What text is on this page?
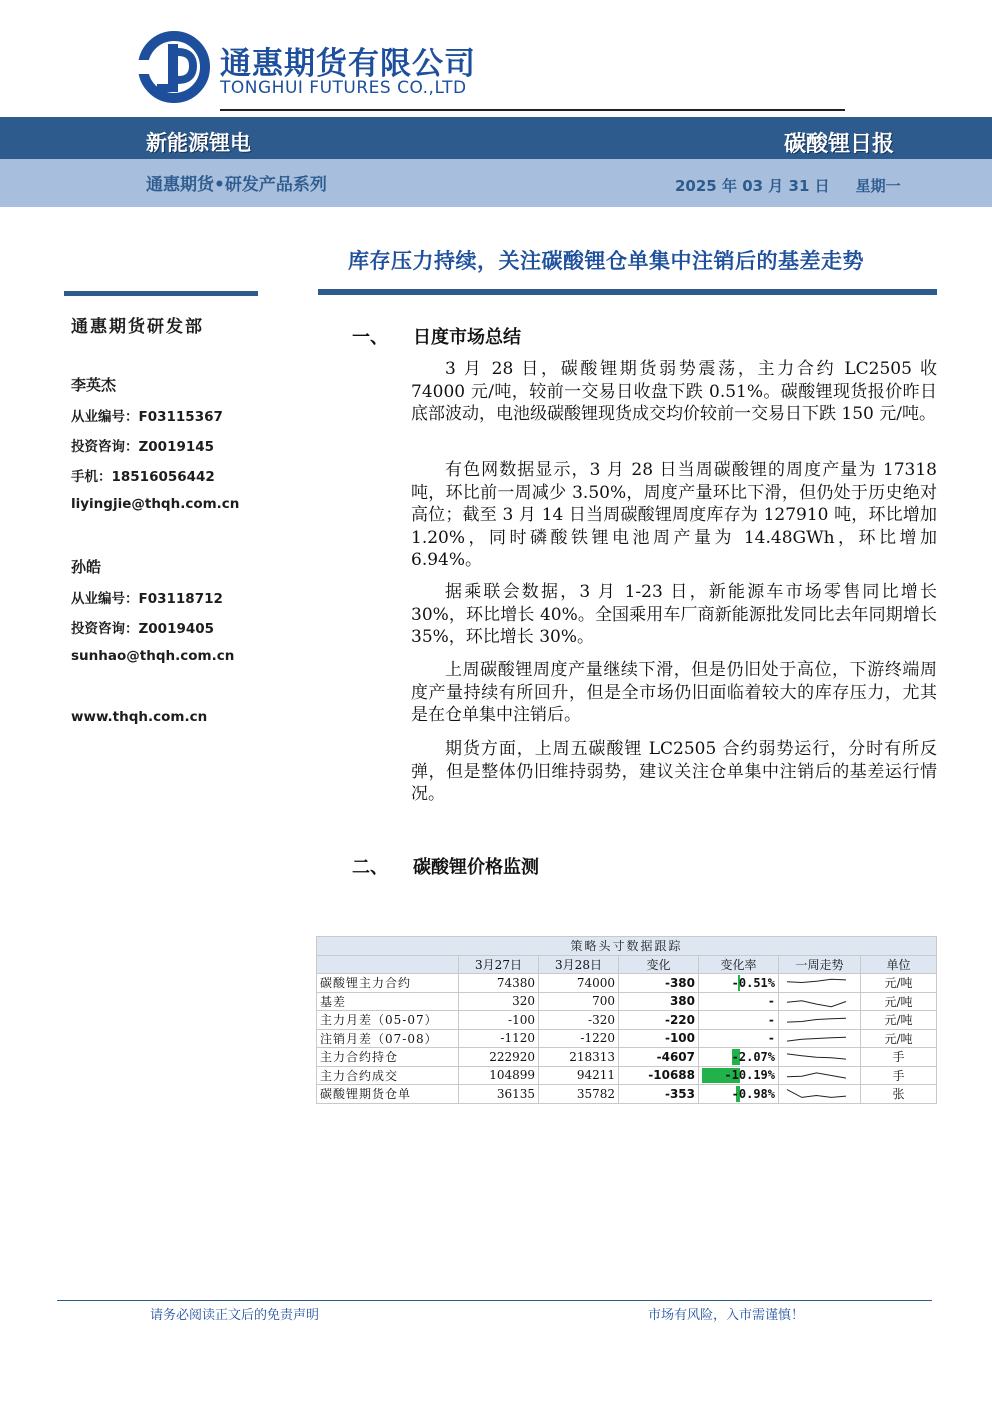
通惠期货有限公司
TONGHUI FUTURES CO.,LTD
新能源锂电	碳酸锂日报
通惠期货•研发产品系列	2025 年 03 月 31 日 星期一
库存压力持续，关注碳酸锂仓单集中注销后的基差走势
通惠期货研发部
李英杰
从业编号：F03115367
投资咨询：Z0019145
手机：18516056442
liyingjie@thqh.com.cn
孙皓
从业编号：F03118712
投资咨询：Z0019405
sunhao@thqh.com.cn
www.thqh.com.cn
一、 日度市场总结
3 月 28 日，碳酸锂期货弱势震荡，主力合约 LC2505 收 74000 元/吨，较前一交易日收盘下跌 0.51%。碳酸锂现货报价昨日底部波动，电池级碳酸锂现货成交均价较前一交易日下跌 150 元/吨。
有色网数据显示，3 月 28 日当周碳酸锂的周度产量为 17318 吨，环比前一周减少 3.50%，周度产量环比下滑，但仍处于历史绝对高位；截至 3 月 14 日当周碳酸锂周度库存为 127910 吨，环比增加 1.20%，同时磷酸铁锂电池周产量为 14.48GWh，环比增加 6.94%。
据乘联会数据，3 月 1-23 日，新能源车市场零售同比增长 30%，环比增长 40%。全国乘用车厂商新能源批发同比去年同期增长 35%，环比增长 30%。
上周碳酸锂周度产量继续下滑，但是仍旧处于高位，下游终端周度产量持续有所回升，但是全市场仍旧面临着较大的库存压力，尤其是在仓单集中注销后。
期货方面，上周五碳酸锂 LC2505 合约弱势运行，分时有所反弹，但是整体仍旧维持弱势，建议关注仓单集中注销后的基差运行情况。
二、 碳酸锂价格监测
策略头寸数据跟踪						
	3月27日	3月28日	变化	变化率	一周走势	单位
碳酸锂主力合约	74380	74000	-380	-0.51%		元/吨
基差	320	700	380	-		元/吨
主力月差（05-07）	-100	-320	-220	-		元/吨
注销月差（07-08）	-1120	-1220	-100	-		元/吨
主力合约持仓	222920	218313	-4607	-2.07%		手
主力合约成交	104899	94211	-10688	-10.19%		手
碳酸锂期货仓单	36135	35782	-353	-0.98%		张
请务必阅读正文后的免责声明	市场有风险，入市需谨慎！
